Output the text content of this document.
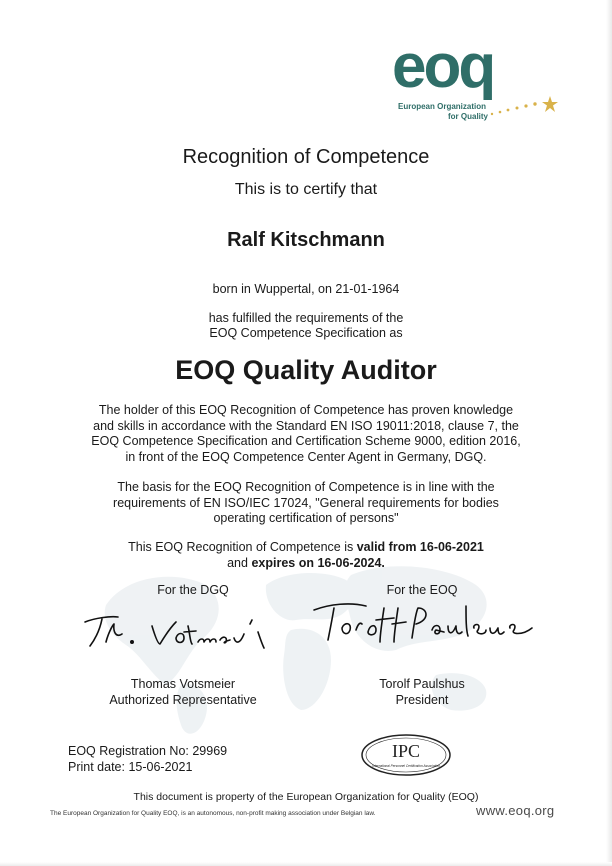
eoq
European Organization
for Quality
Recognition of Competence
This is to certify that
Ralf Kitschmann
born in Wuppertal, on 21-01-1964
has fulfilled the requirements of the
EOQ Competence Specification as
EOQ Quality Auditor
The holder of this EOQ Recognition of Competence has proven knowledge
and skills in accordance with the Standard EN ISO 19011:2018, clause 7, the
EOQ Competence Specification and Certification Scheme 9000, edition 2016,
in front of the EOQ Competence Center Agent in Germany, DGQ.
The basis for the EOQ Recognition of Competence is in line with the
requirements of EN ISO/IEC 17024, "General requirements for bodies
operating certification of persons"
This EOQ Recognition of Competence is valid from 16-06-2021
and expires on 16-06-2024.
For the DGQ	For the EOQ
Thomas Votsmeier
Authorized Representative
Torolf Paulshus
President
EOQ Registration No: 29969
Print date: 15-06-2021
IPC
International Personnel Certification Association
This document is property of the European Organization for Quality (EOQ)
The European Organization for Quality EOQ, is an autonomous, non-profit making association under Belgian law.	www.eoq.org
